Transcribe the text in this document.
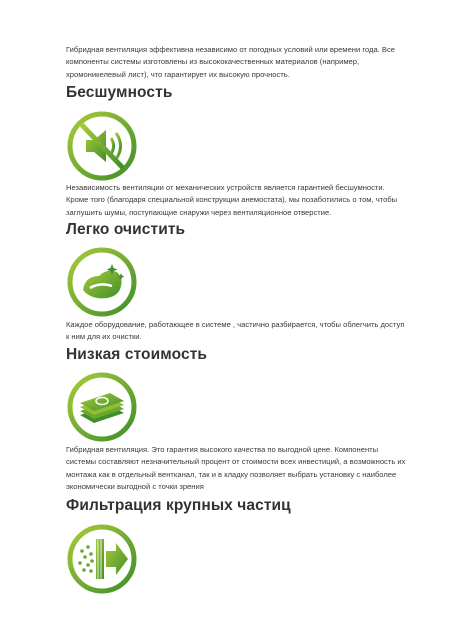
Гибридная вентиляция эффективна независимо от погодных условий или времени года. Все компоненты системы изготовлены из высококачественных материалов (например, хромоникелевый лист), что гарантирует их высокую прочность.

Бесшумность

Независимость вентиляции от механических устройств является гарантией бесшумности. Кроме того (благодаря специальной конструкции анемостата), мы позаботились о том, чтобы заглушить шумы, поступающие снаружи через вентиляционное отверстие.

Легко очистить

Каждое оборудование, работающее в системе , частично разбирается, чтобы облегчить доступ к ним для их очистки.

Низкая стоимость

Гибридная вентиляция. Это гарантия высокого качества по выгодной цене. Компоненты системы составляют незначительный процент от стоимости всех инвестиций, а возможность их монтажа как в отдельный вентканал, так и в кладку позволяет выбрать установку с наиболее экономически выгодной с точки зрения

Фильтрация крупных частиц
